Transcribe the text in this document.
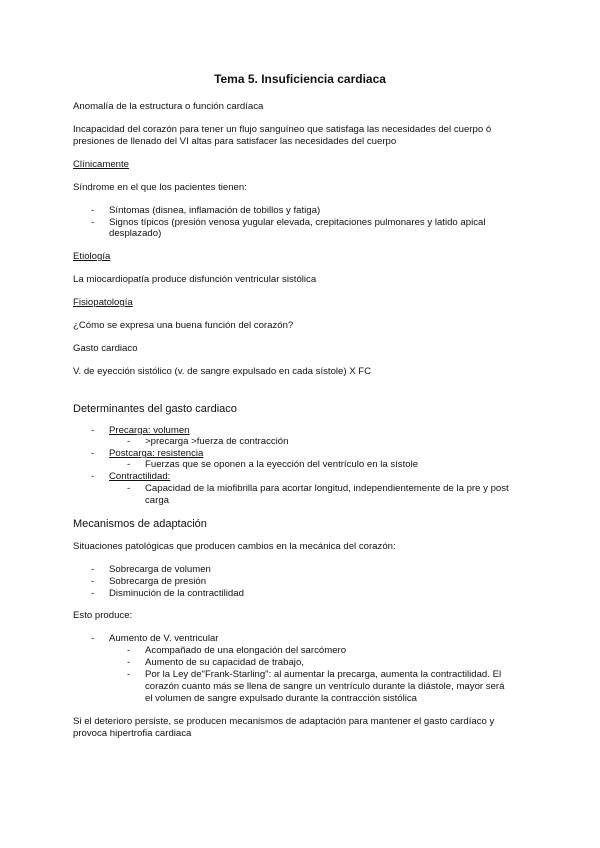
Tema 5. Insuficiencia cardiaca
Anomalía de la estructura o función cardíaca
Incapacidad del corazón para tener un flujo sanguíneo que satisfaga las necesidades del cuerpo ó
presiones de llenado del VI altas para satisfacer las necesidades del cuerpo
Clínicamente
Síndrome en el que los pacientes tienen:
- Síntomas (disnea, inflamación de tobillos y fatiga)
- Signos típicos (presión venosa yugular elevada, crepitaciones pulmonares y latido apical
desplazado)
Etiología
La miocardiopatía produce disfunción ventricular sistólica
Fisiopatología
¿Cómo se expresa una buena función del corazón?
Gasto cardiaco
V. de eyección sistólico (v. de sangre expulsado en cada sístole) X FC
Determinantes del gasto cardiaco
- Precarga: volumen
- >precarga >fuerza de contracción
- Postcarga: resistencia
- Fuerzas que se oponen a la eyección del ventrículo en la sístole
- Contractilidad:
- Capacidad de la miofibrilla para acortar longitud, independientemente de la pre y post
carga
Mecanismos de adaptación
Situaciones patológicas que producen cambios en la mecánica del corazón:
- Sobrecarga de volumen
- Sobrecarga de presión
- Disminución de la contractilidad
Esto produce:
- Aumento de V. ventricular
- Acompañado de una elongación del sarcómero
- Aumento de su capacidad de trabajo,
- Por la Ley de"Frank-Starling": al aumentar la precarga, aumenta la contractilidad. El
corazón cuanto más se llena de sangre un ventrículo durante la diástole, mayor será
el volumen de sangre expulsado durante la contracción sistólica
Si el deterioro persiste, se producen mecanismos de adaptación para mantener el gasto cardíaco y
provoca hipertrofia cardiaca
